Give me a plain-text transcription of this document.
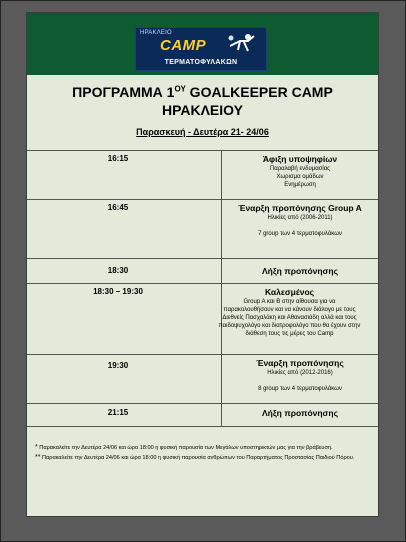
ΗΡΑΚΛΕΙΟ
CAMP
ΤΕΡΜΑΤΟΦΥΛΑΚΩΝ
ΠΡΟΓΡΑΜΜΑ $1^{O\Upsilon}$ GOALKEEPER CAMP
ΗΡΑΚΛΕΙΟΥ
Παρασκευή - Δευτέρα 21- 24/06
16:15	Άφιξη υποψηφίων
Παραλαβή ενδυμασίας
Χωρισμα ομάδων
Ενημέρωση
16:45	Έναρξη προπόνησης Group A
Ηλικίες από (2006-2011)
7 group των 4 τερματοφυλάκων
18:30	Λήξη προπόνησης
18:30 – 19:30	Καλεσμένος
Group A και B στην αίθουσα για να
παρακολουθήσουν και να κάνουν διάλογο με τους
Διεθνείς Πασχαλάκη και Αθανασιάδη αλλά και τους
παιδοψυχολόγο και διατροφολόγο που θα έχουν στην
διάθεση τους τις μέρες του Camp
19:30	Έναρξη προπόνησης
Ηλικίες από (2012-2016)
8 group των 4 τερματοφυλάκων
21:15	Λήξη προπόνησης

* Παρακαλείτε την Δευτέρα 24/06 και ώρα 18:00 η φυσική παρουσία των Μεγάλων υποστηρικτών μας για την βράβευση.

** Παρακαλείτε την Δευτέρα 24/06 και ώρα 18:00 η φυσική παρουσία ανθρώπων του Παραρτήματος Προστασίας Παιδιού Πόρου.
